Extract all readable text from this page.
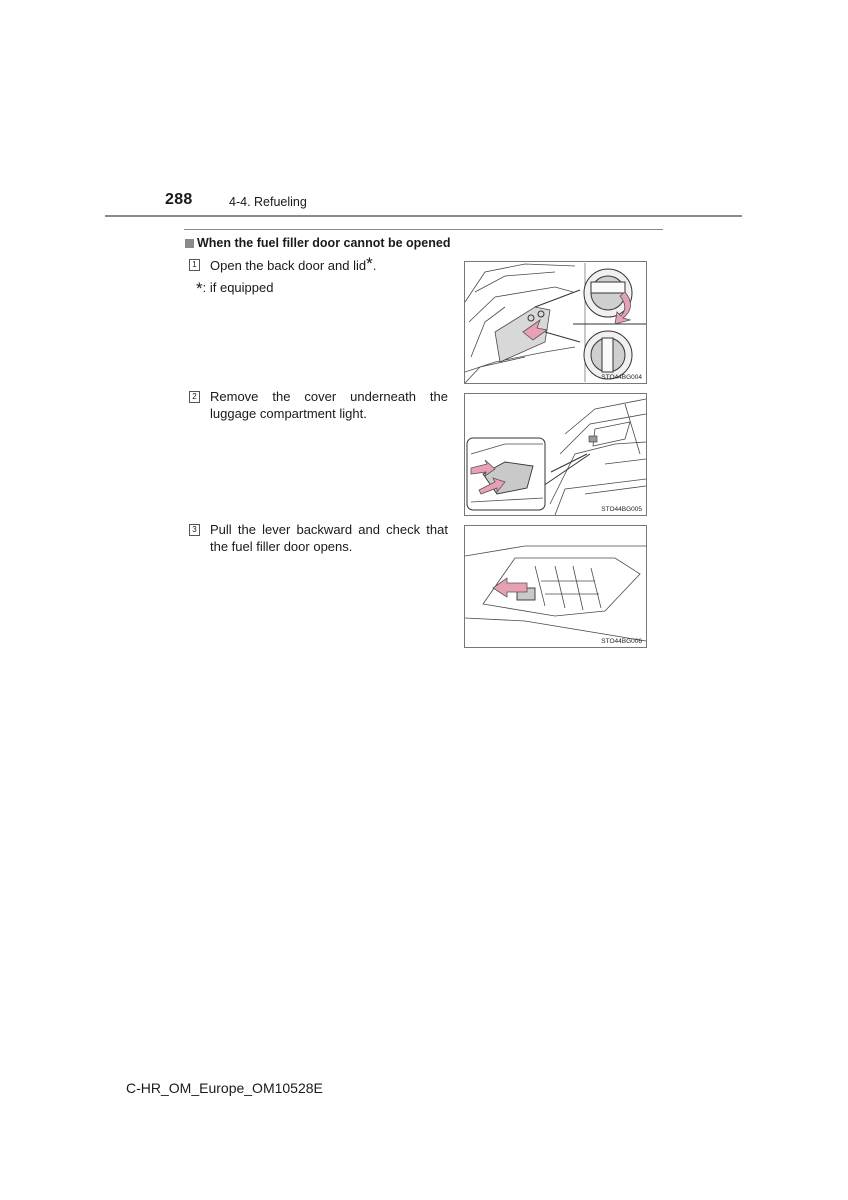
288	4-4. Refueling
When the fuel filler door cannot be opened
1 Open the back door and lid*.
*: if equipped
STO44BG004
2 Remove the cover underneath the luggage compartment light.
STO44BG005
3 Pull the lever backward and check that the fuel filler door opens.
STO44BG006
C-HR_OM_Europe_OM10528E
